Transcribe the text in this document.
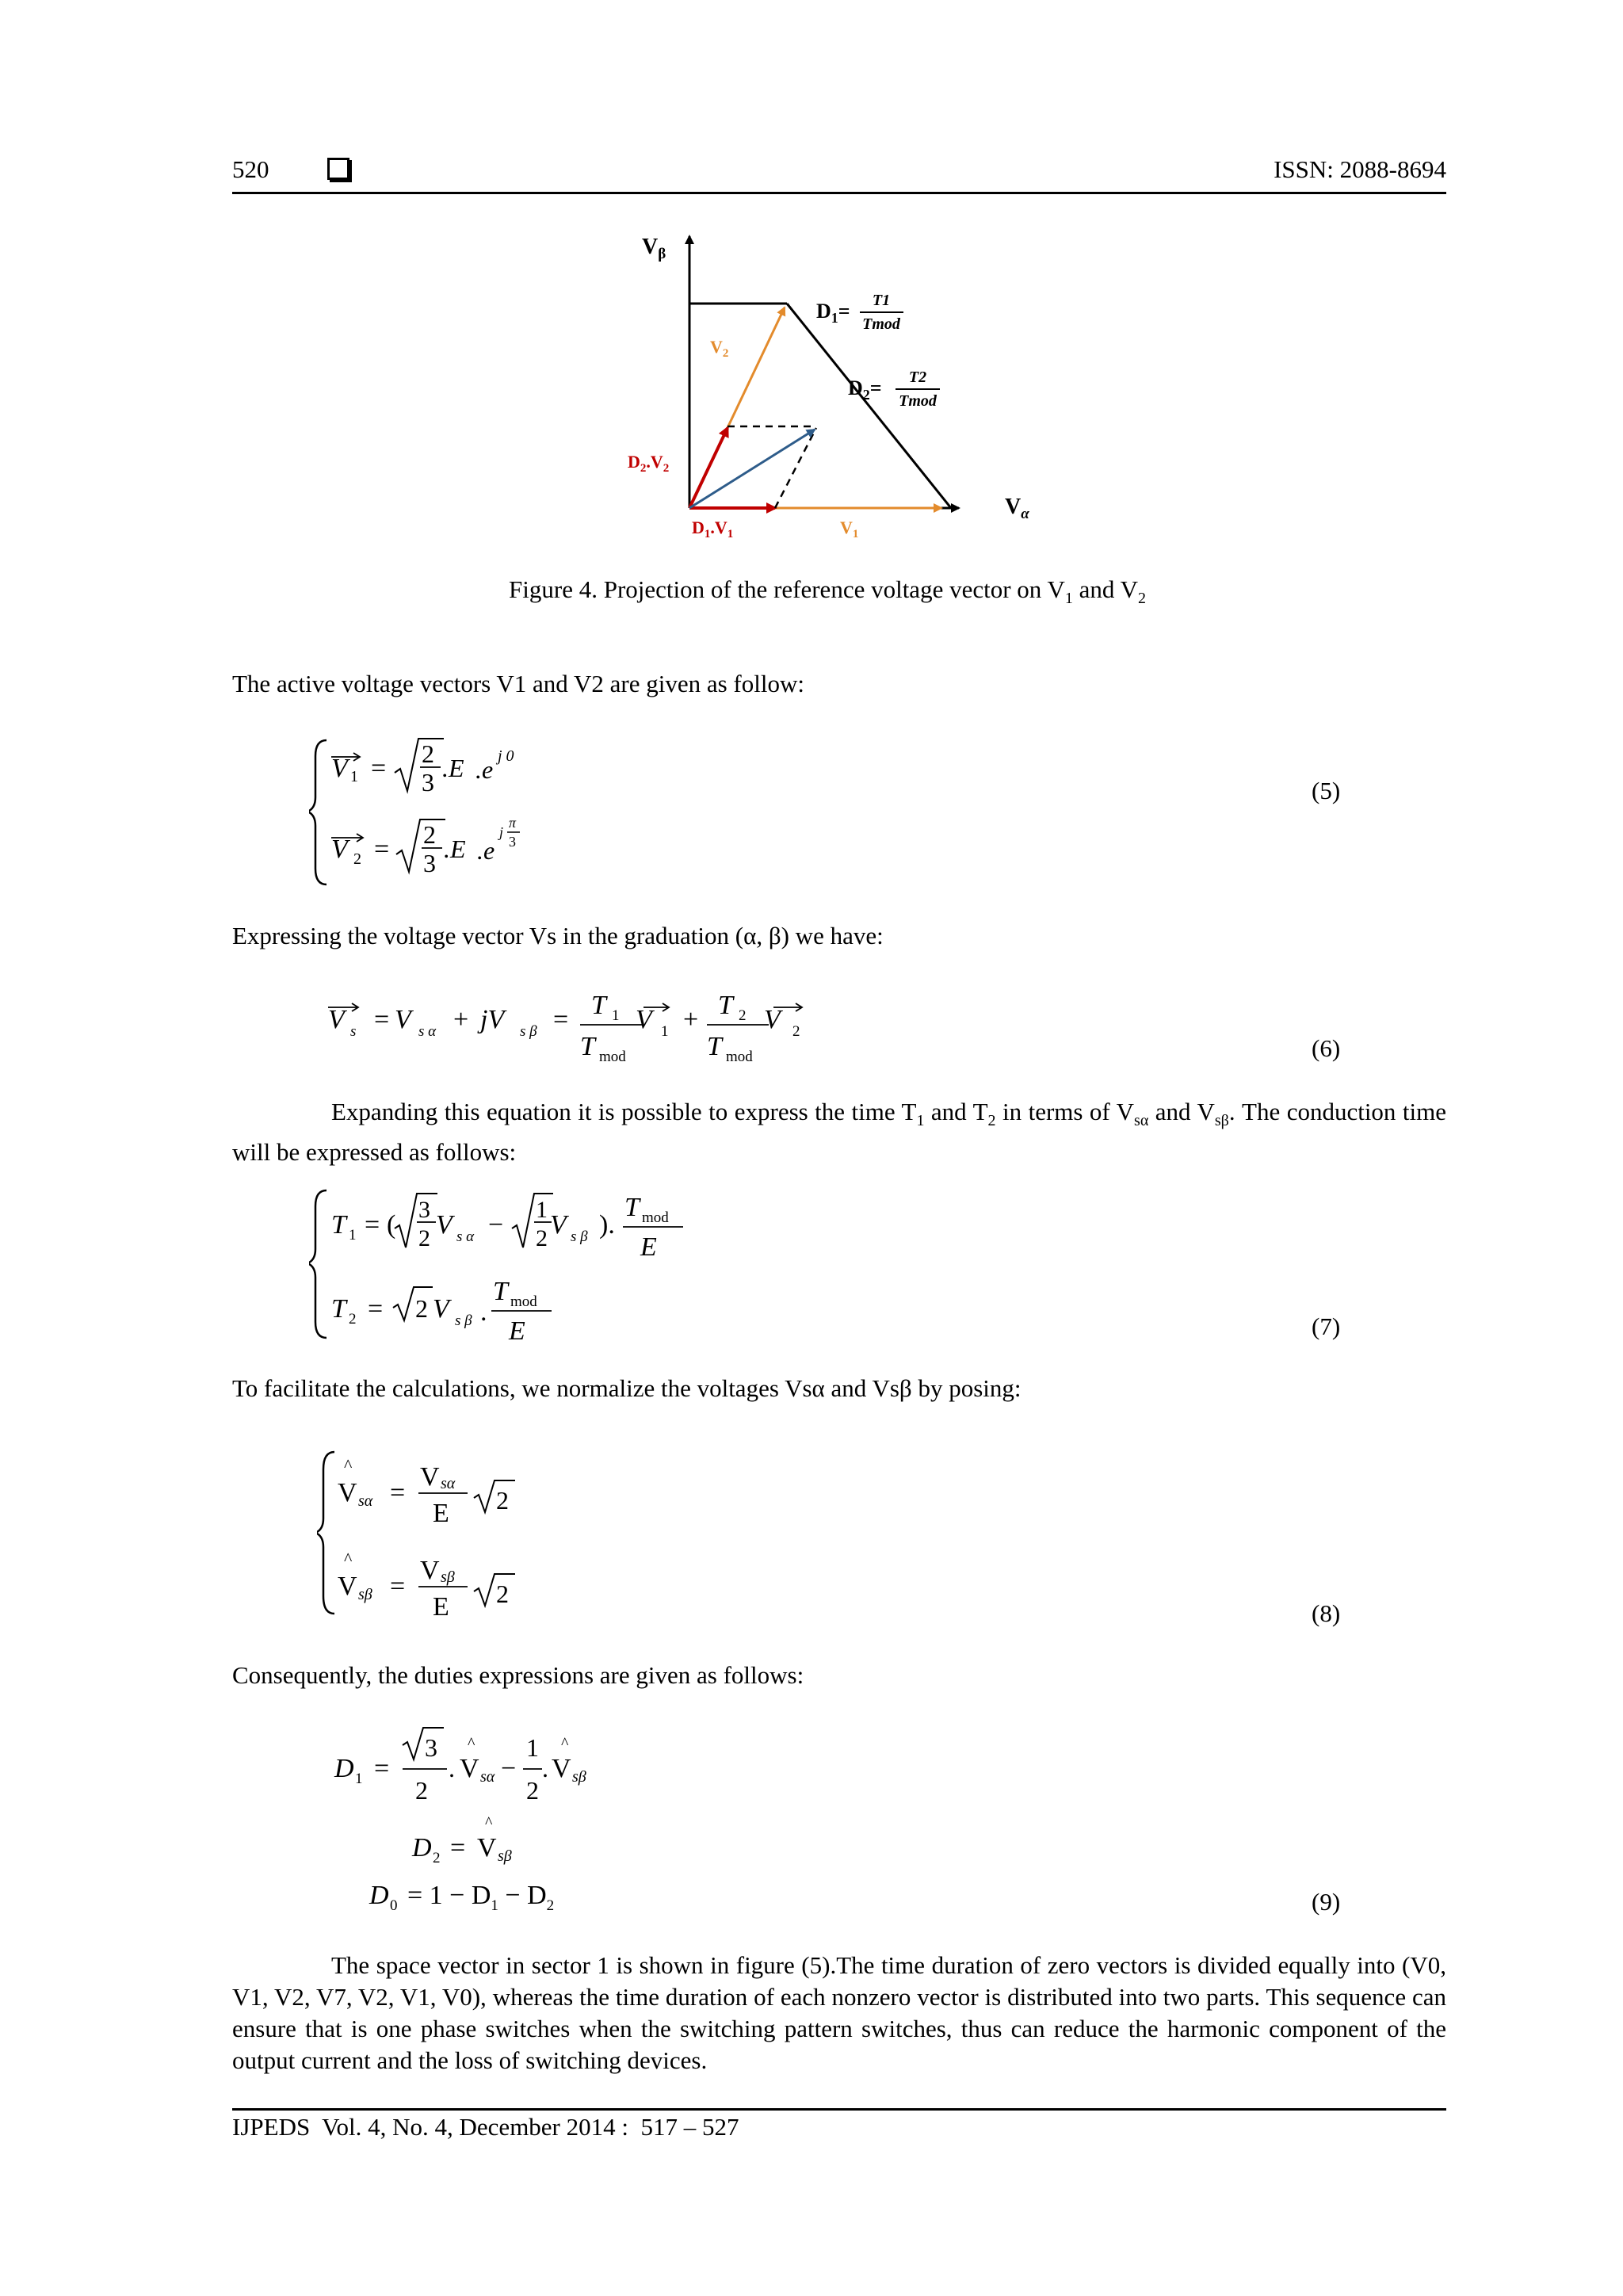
520	ISSN: 2088-8694
$V_\beta$
$V_\alpha$
$D_1= T1$
Tmod
$D_2= T2$
Tmod
$V_2$
$V_1$
$D_2.V_2$
$D_1.V_1$
Figure 4. Projection of the reference voltage vector on $V_1$ and $V_2$
The active voltage vectors V1 and V2 are given as follow:
V 1 = 2
3 .E .e j 0
V 2 = 2
3 .E .e
j
π
3
(5)
Expressing the voltage vector Vs in the graduation (α, β) we have:
V s = V s α + jV s β = T 1
T mod
V 1 + T 2
T mod
V 2
(6)
Expanding this equation it is possible to express the time $T_1$ and $T_2$ in terms of $V_{s\alpha}$ and $V_{s\beta}$. The conduction time will be expressed as follows:
T 1 = (
3
2 V s α −
1
2 V s β ).
T mod
E
T 2 = 2 V s β .
T mod
E	(7)
To facilitate the calculations, we normalize the voltages Vsα and Vsβ by posing:
^
V sα =
V sα
E 2
^
V sβ =
V sβ
E 2
(8)
Consequently, the duties expressions are given as follows:
D 1 =
3
2
.
^
V sα −
1
2
.
^
V sβ
D 2 =
^
V sβ
D $0 = 1 - D_1 - D_2$	(9)
The space vector in sector 1 is shown in figure (5).The time duration of zero vectors is divided equally into (V0, V1, V2, V7, V2, V1, V0), whereas the time duration of each nonzero vector is distributed into two parts. This sequence can ensure that is one phase switches when the switching pattern switches, thus can reduce the harmonic component of the output current and the loss of switching devices.
IJPEDS  Vol. 4, No. 4, December 2014 :  517 – 527
